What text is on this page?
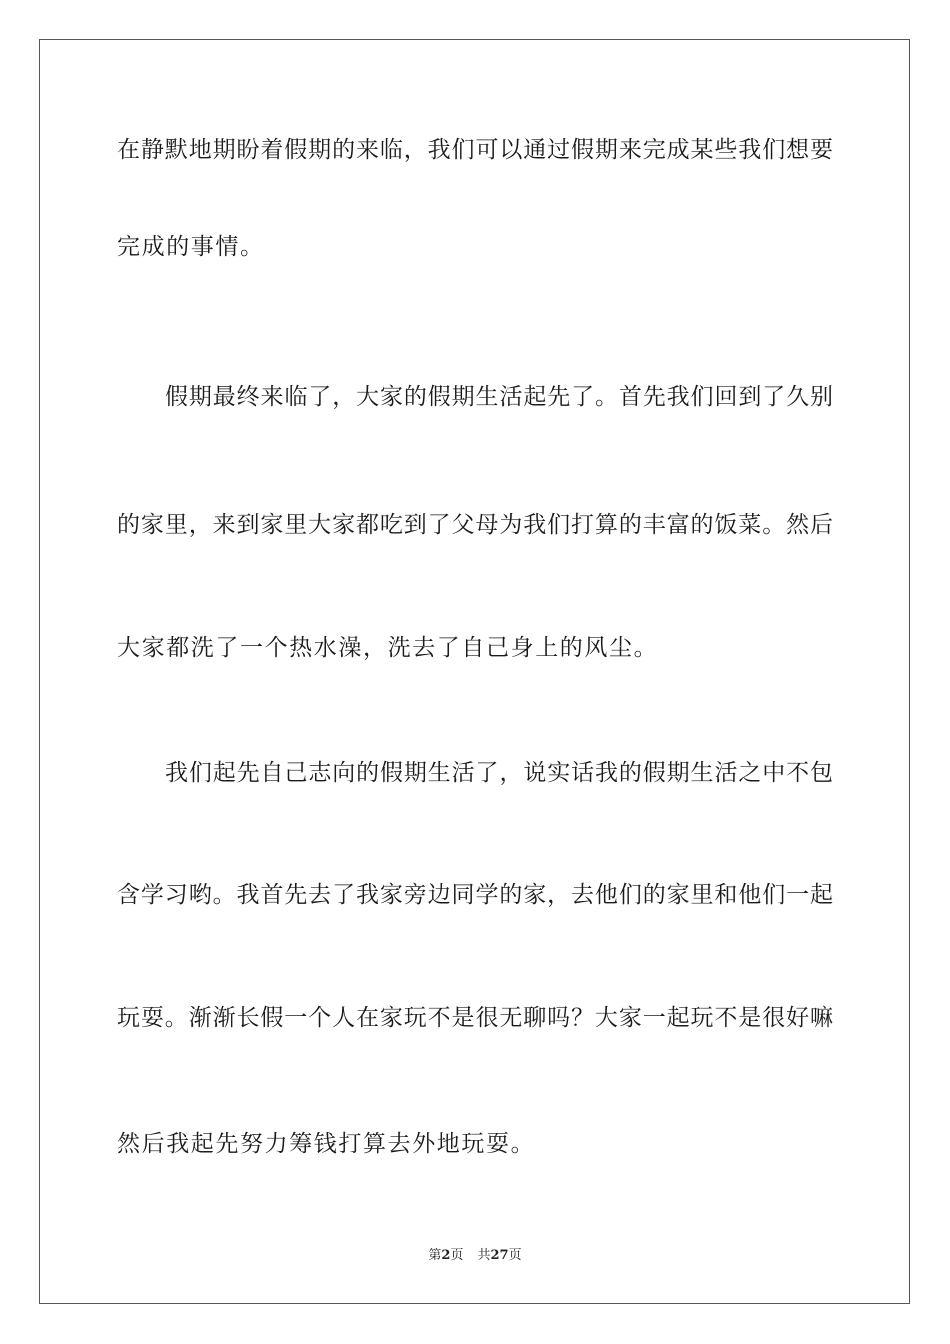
在静默地期盼着假期的来临，我们可以通过假期来完成某些我们想要
完成的事情。
假期最终来临了，大家的假期生活起先了。首先我们回到了久别
的家里，来到家里大家都吃到了父母为我们打算的丰富的饭菜。然后
大家都洗了一个热水澡，洗去了自己身上的风尘。
我们起先自己志向的假期生活了，说实话我的假期生活之中不包
含学习哟。我首先去了我家旁边同学的家，去他们的家里和他们一起
玩耍。渐渐长假一个人在家玩不是很无聊吗？大家一起玩不是很好嘛
然后我起先努力筹钱打算去外地玩耍。
第2页 共27页
